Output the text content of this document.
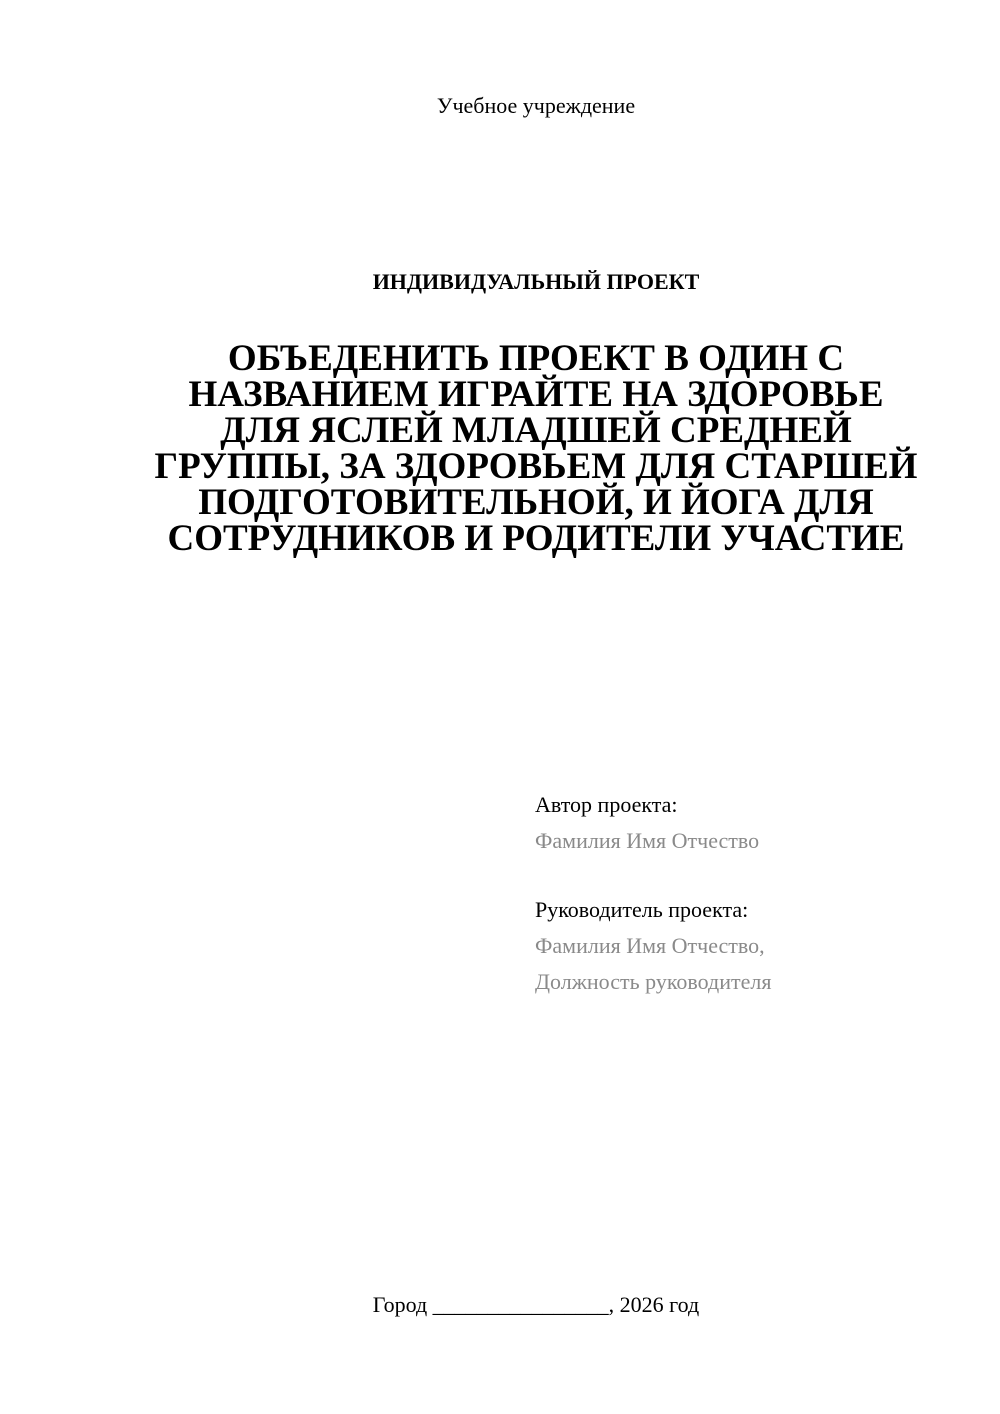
Учебное учреждение
ИНДИВИДУАЛЬНЫЙ ПРОЕКТ
ОБЪЕДЕНИТЬ ПРОЕКТ В ОДИН С НАЗВАНИЕМ ИГРАЙТЕ НА ЗДОРОВЬЕ ДЛЯ ЯСЛЕЙ МЛАДШЕЙ СРЕДНЕЙ ГРУППЫ, ЗА ЗДОРОВЬЕМ ДЛЯ СТАРШЕЙ ПОДГОТОВИТЕЛЬНОЙ, И ЙОГА ДЛЯ СОТРУДНИКОВ И РОДИТЕЛИ УЧАСТИЕ
Автор проекта:
Фамилия Имя Отчество
Руководитель проекта:
Фамилия Имя Отчество,
Должность руководителя
Город ________________, 2026 год
